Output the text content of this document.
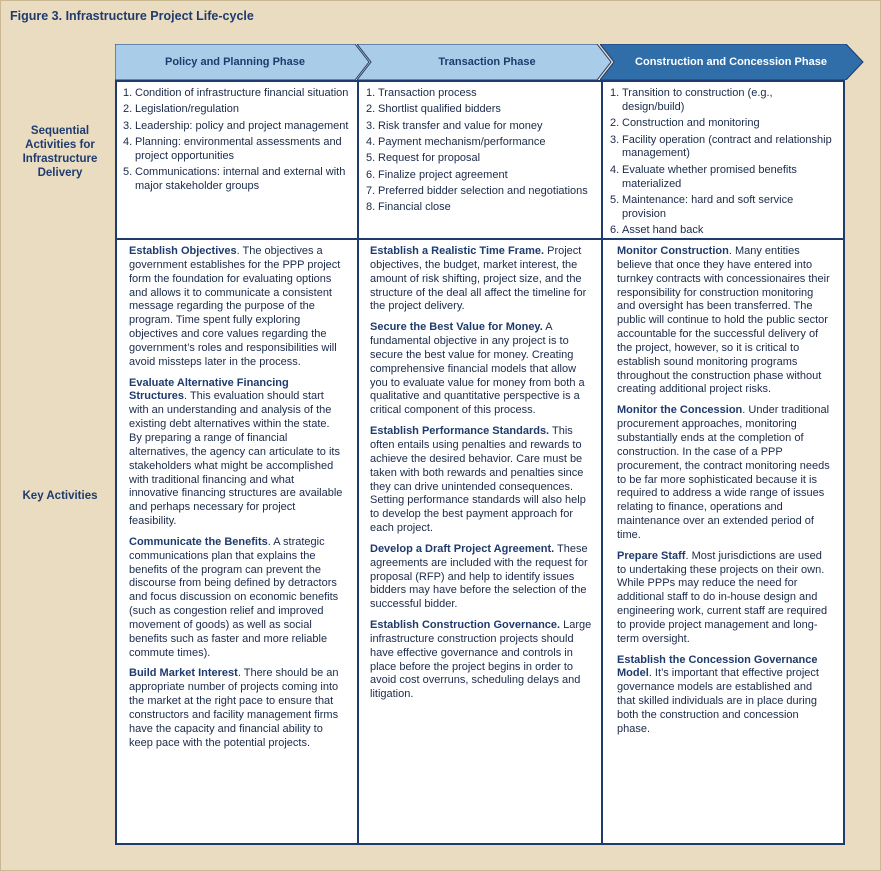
Figure 3. Infrastructure Project Life-cycle
Sequential Activities for Infrastructure Delivery
Key Activities
Policy and Planning Phase	Transaction Phase	Construction and Concession Phase
1. Condition of infrastructure financial situation
2. Legislation/regulation
3. Leadership: policy and project management
4. Planning: environmental assessments and project opportunities
5. Communications: internal and external with major stakeholder groups
1. Transaction process
2. Shortlist qualified bidders
3. Risk transfer and value for money
4. Payment mechanism/performance
5. Request for proposal
6. Finalize project agreement
7. Preferred bidder selection and negotiations
8. Financial close
1. Transition to construction (e.g., design/build)
2. Construction and monitoring
3. Facility operation (contract and relationship management)
4. Evaluate whether promised benefits materialized
5. Maintenance: hard and soft service provision
6. Asset hand back
Establish Objectives. The objectives a government establishes for the PPP project form the foundation for evaluating options and allows it to communicate a consistent message regarding the purpose of the program. Time spent fully exploring objectives and core values regarding the government’s roles and responsibilities will avoid missteps later in the process.
Evaluate Alternative Financing Structures. This evaluation should start with an understanding and analysis of the existing debt alternatives within the state. By preparing a range of financial alternatives, the agency can articulate to its stakeholders what might be accomplished with traditional financing and what innovative financing structures are available and perhaps necessary for project feasibility.
Communicate the Benefits. A strategic communications plan that explains the benefits of the program can prevent the discourse from being defined by detractors and focus discussion on economic benefits (such as congestion relief and improved movement of goods) as well as social benefits such as faster and more reliable commute times).
Build Market Interest. There should be an appropriate number of projects coming into the market at the right pace to ensure that constructors and facility management firms have the capacity and financial ability to keep pace with the potential projects.
Establish a Realistic Time Frame. Project objectives, the budget, market interest, the amount of risk shifting, project size, and the structure of the deal all affect the timeline for the project delivery.
Secure the Best Value for Money. A fundamental objective in any project is to secure the best value for money. Creating comprehensive financial models that allow you to evaluate value for money from both a qualitative and quantitative perspective is a critical component of this process.
Establish Performance Standards. This often entails using penalties and rewards to achieve the desired behavior. Care must be taken with both rewards and penalties since they can drive unintended consequences. Setting performance standards will also help to develop the best payment approach for each project.
Develop a Draft Project Agreement. These agreements are included with the request for proposal (RFP) and help to identify issues bidders may have before the selection of the successful bidder.
Establish Construction Governance. Large infrastructure construction projects should have effective governance and controls in place before the project begins in order to avoid cost overruns, scheduling delays and litigation.
Monitor Construction. Many entities believe that once they have entered into turnkey contracts with concessionaires their responsibility for construction monitoring and oversight has been transferred. The public will continue to hold the public sector accountable for the successful delivery of the project, however, so it is critical to establish sound monitoring programs throughout the construction phase without creating additional project risks.
Monitor the Concession. Under traditional procurement approaches, monitoring substantially ends at the completion of construction. In the case of a PPP procurement, the contract monitoring needs to be far more sophisticated because it is required to address a wide range of issues relating to finance, operations and maintenance over an extended period of time.
Prepare Staff. Most jurisdictions are used to undertaking these projects on their own. While PPPs may reduce the need for additional staff to do in-house design and engineering work, current staff are required to provide project management and long-term oversight.
Establish the Concession Governance Model. It’s important that effective project governance models are established and that skilled individuals are in place during both the construction and concession phase.
